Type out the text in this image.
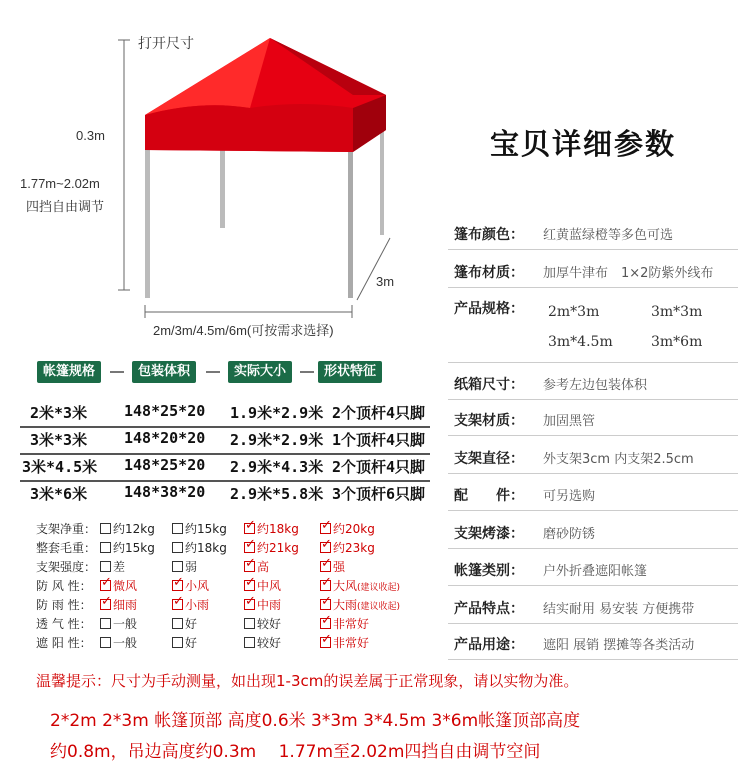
打开尺寸
0.3m
1.77m~2.02m
四挡自由调节
3m
2m/3m/4.5m/6m(可按需求选择)
帐篷规格	包装体积	实际大小	形状特征
2米*3米 148*25*20 1.9米*2.9米 2个顶杆4只脚
3米*3米 148*20*20 2.9米*2.9米 1个顶杆4只脚
3米*4.5米 148*25*20 2.9米*4.3米 2个顶杆4只脚
3米*6米 148*38*20 2.9米*5.8米 3个顶杆6只脚
支架净重：	约12kg	约15kg ✓	约18kg ✓	约20kg
整套毛重：	约15kg	约18kg ✓	约21kg ✓	约23kg
支架强度：	差	弱 ✓	高 ✓	强
防 风 性： ✓	微风 ✓	小风 ✓	中风 ✓	大风(建议收起)
防 雨 性： ✓	细雨 ✓	小雨 ✓	中雨 ✓	大雨(建议收起)
透 气 性：	一般	好	较好 ✓	非常好
遮 阳 性：	一般	好	较好 ✓	非常好
宝贝详细参数
篷布颜色： 红黄蓝绿橙等多色可选
篷布材质： 加厚牛津布　1×2防紫外线布
产品规格： 2m*3m	3m*3m
3m*4.5m	3m*6m
纸箱尺寸： 参考左边包装体积
支架材质： 加固黑管
支架直径： 外支架3cm 内支架2.5cm
配　　件： 可另选购
支架烤漆： 磨砂防锈
帐篷类别： 户外折叠遮阳帐篷
产品特点： 结实耐用 易安装 方便携带
产品用途： 遮阳 展销 摆摊等各类活动
温馨提示：尺寸为手动测量，如出现1-3cm的误差属于正常现象，请以实物为准。
2*2m 2*3m 帐篷顶部 高度0.6米 3*3m 3*4.5m 3*6m帐篷顶部高度
约0.8m，吊边高度约0.3m　 1.77m至2.02m四挡自由调节空间
